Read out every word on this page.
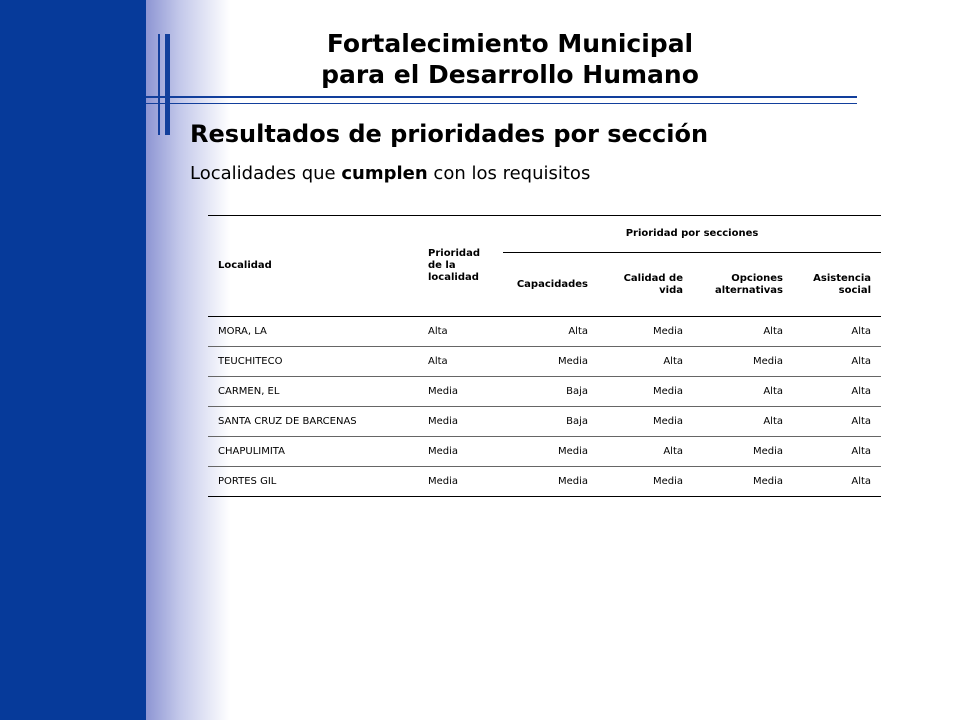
Fortalecimiento Municipal
para el Desarrollo Humano
Resultados de prioridades por sección
Localidades que cumplen con los requisitos
Localidad	Prioridad de la localidad	Prioridad por secciones			
		Capacidades	Calidad de vida	Opciones alternativas	Asistencia social
MORA, LA	Alta	Alta	Media	Alta	Alta
TEUCHITECO	Alta	Media	Alta	Media	Alta
CARMEN, EL	Media	Baja	Media	Alta	Alta
SANTA CRUZ DE BARCENAS	Media	Baja	Media	Alta	Alta
CHAPULIMITA	Media	Media	Alta	Media	Alta
PORTES GIL	Media	Media	Media	Media	Alta
